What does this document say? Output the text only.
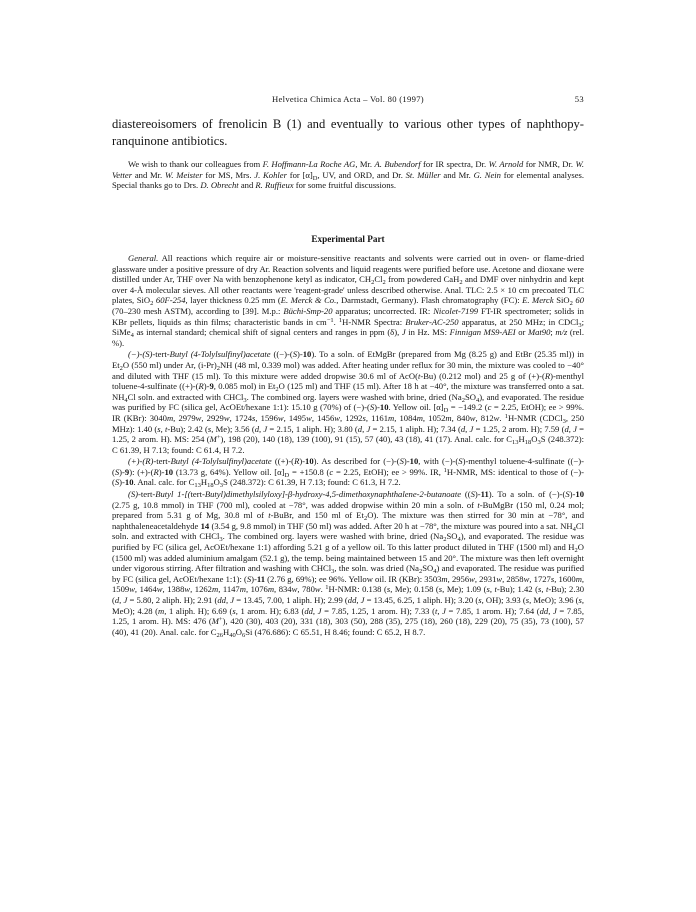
Helvetica Chimica Acta – Vol. 80 (1997)	53
diastereoisomers of frenolicin B (1) and eventually to various other types of naphthopy-ranquinone antibiotics.
We wish to thank our colleagues from F. Hoffmann-La Roche AG, Mr. A. Bubendorf for IR spectra, Dr. W. Arnold for NMR, Dr. W. Vetter and Mr. W. Meister for MS, Mrs. J. Kohler for $[\alpha]_D$, UV, and ORD, and Dr. St. Müller and Mr. G. Nein for elemental analyses. Special thanks go to Drs. D. Obrecht and R. Ruffieux for some fruitful discussions.
Experimental Part

General. All reactions which require air or moisture-sensitive reactants and solvents were carried out in oven- or flame-dried glassware under a positive pressure of dry Ar. Reaction solvents and liquid reagents were purified before use. Acetone and dioxane were distilled under Ar, THF over Na with benzophenone ketyl as indicator, $CH_2Cl_2$ from powdered CaH$_2$ and DMF over ninhydrin and kept over 4-Å molecular sieves. All other reactants were 'reagent-grade' unless described otherwise. Anal. TLC: 2.5 × 10 cm precoated TLC plates, SiO$_2$ 60F-254, layer thickness 0.25 mm (E. Merck & Co., Darmstadt, Germany). Flash chromatography (FC): E. Merck SiO$_2$ 60 (70–230 mesh ASTM), according to [39]. M.p.: Büchi-Smp-20 apparatus; uncorrected. IR: Nicolet-7199 FT-IR spectrometer; solids in KBr pellets, liquids as thin films; characteristic bands in $cm^{-1}$. $^1$H-NMR Spectra: Bruker-AC-250 apparatus, at 250 MHz; in CDCl$_3$; SiMe$_4$ as internal standard; chemical shift of signal centers and ranges in ppm (δ), J in Hz. MS: Finnigan MS9-AEI or Mat90; m/z (rel. %).

(−)-(S)-tert-Butyl (4-Tolylsulfinyl)acetate ((−)-(S)-10). To a soln. of EtMgBr (prepared from Mg (8.25 g) and EtBr (25.35 ml)) in $Et_2O$ (550 ml) under Ar, $(i-Pr)_2NH$ (48 ml, 0.339 mol) was added. After heating under reflux for 30 min, the mixture was cooled to −40° and diluted with THF (15 ml). To this mixture were added dropwise 30.6 ml of AcO(t-Bu) (0.212 mol) and 25 g of (+)-(R)-menthyl toluene-4-sulfinate ((+)-(R)-9, 0.085 mol) in $Et_2O$ (125 ml) and THF (15 ml). After 18 h at −40°, the mixture was transferred onto a sat. $NH_4Cl$ soln. and extracted with CHCl$_3$. The combined org. layers were washed with brine, dried $(Na_2SO_4)$, and evaporated. The residue was purified by FC (silica gel, AcOEt/hexane 1:1): 15.10 g (70%) of (−)-(S)-10. Yellow oil. $[\alpha]_D = -149.2$ (c = 2.25, EtOH); ee > 99%. IR (KBr): 3040m, 2979w, 2929w, 1724s, 1596w, 1495w, 1456w, 1292s, 1161m, 1084m, 1052m, 840w, 812w. $^1$H-NMR (CDCl$_3$, 250 MHz): 1.40 (s, t-Bu); 2.42 (s, Me); 3.56 (d, J = 2.15, 1 aliph. H); 3.80 (d, J = 2.15, 1 aliph. H); 7.34 (d, J = 1.25, 2 arom. H); 7.59 (d, J = 1.25, 2 arom. H). MS: 254 (M+), 198 (20), 140 (18), 139 (100), 91 (15), 57 (40), 43 (18), 41 (17). Anal. calc. for $C_{13}H_{18}O_3S$ (248.372): C 61.39, H 7.13; found: C 61.4, H 7.2.

(+)-(R)-tert-Butyl (4-Tolylsulfinyl)acetate ((+)-(R)-10). As described for (−)-(S)-10, with (−)-(S)-menthyl toluene-4-sulfinate ((−)-(S)-9): (+)-(R)-10 (13.73 g, 64%). Yellow oil. $[\alpha]_D = +150.8$ (c = 2.25, EtOH); ee > 99%. IR, $^1$H-NMR, MS: identical to those of (−)-(S)-10. Anal. calc. for $C_{13}H_{18}O_3S$ (248.372): C 61.39, H 7.13; found: C 61.3, H 7.2.

(S)-tert-Butyl 1-[(tert-Butyl)dimethylsilyloxy]-β-hydroxy-4,5-dimethoxynaphthalene-2-butanoate ((S)-11). To a soln. of (−)-(S)-10 (2.75 g, 10.8 mmol) in THF (700 ml), cooled at −78°, was added dropwise within 20 min a soln. of t-BuMgBr (150 ml, 0.24 mol; prepared from 5.31 g of Mg, 30.8 ml of t-BuBr, and 150 ml of $Et_2O$). The mixture was then stirred for 30 min at −78°, and naphthaleneacetaldehyde 14 (3.54 g, 9.8 mmol) in THF (50 ml) was added. After 20 h at −78°, the mixture was poured into a sat. $NH_4Cl$ soln. and extracted with CHCl$_3$. The combined org. layers were washed with brine, dried $(Na_2SO_4)$, and evaporated. The residue was purified by FC (silica gel, AcOEt/hexane 1:1) affording 5.21 g of a yellow oil. To this latter product diluted in THF (1500 ml) and $H_2O$ (1500 ml) was added aluminium amalgam (52.1 g), the temp. being maintained between 15 and 20°. The mixture was then left overnight under vigorous stirring. After filtration and washing with CHCl$_3$, the soln. was dried $(Na_2SO_4)$ and evaporated. The residue was purified by FC (silica gel, AcOEt/hexane 1:1): (S)-11 (2.76 g, 69%); ee 96%. Yellow oil. IR (KBr): 3503m, 2956w, 2931w, 2858w, 1727s, 1600m, 1509w, 1464w, 1388w, 1262m, 1147m, 1076m, 834w, 780w. $^1$H-NMR: 0.138 (s, Me); 0.158 (s, Me); 1.09 (s, t-Bu); 1.42 (s, t-Bu); 2.30 (d, J = 5.80, 2 aliph. H); 2.91 (dd, J = 13.45, 7.00, 1 aliph. H); 2.99 (dd, J = 13.45, 6.25, 1 aliph. H); 3.20 (s, OH); 3.93 (s, MeO); 3.96 (s, MeO); 4.28 (m, 1 aliph. H); 6.69 (s, 1 arom. H); 6.83 (dd, J = 7.85, 1.25, 1 arom. H); 7.33 (t, J = 7.85, 1 arom. H); 7.64 (dd, J = 7.85, 1.25, 1 arom. H). MS: 476 (M+), 420 (30), 403 (20), 331 (18), 303 (50), 288 (35), 275 (18), 260 (18), 229 (20), 75 (35), 73 (100), 57 (40), 41 (20). Anal. calc. for $C_{26}H_{40}O_6Si$ (476.686): C 65.51, H 8.46; found: C 65.2, H 8.7.
